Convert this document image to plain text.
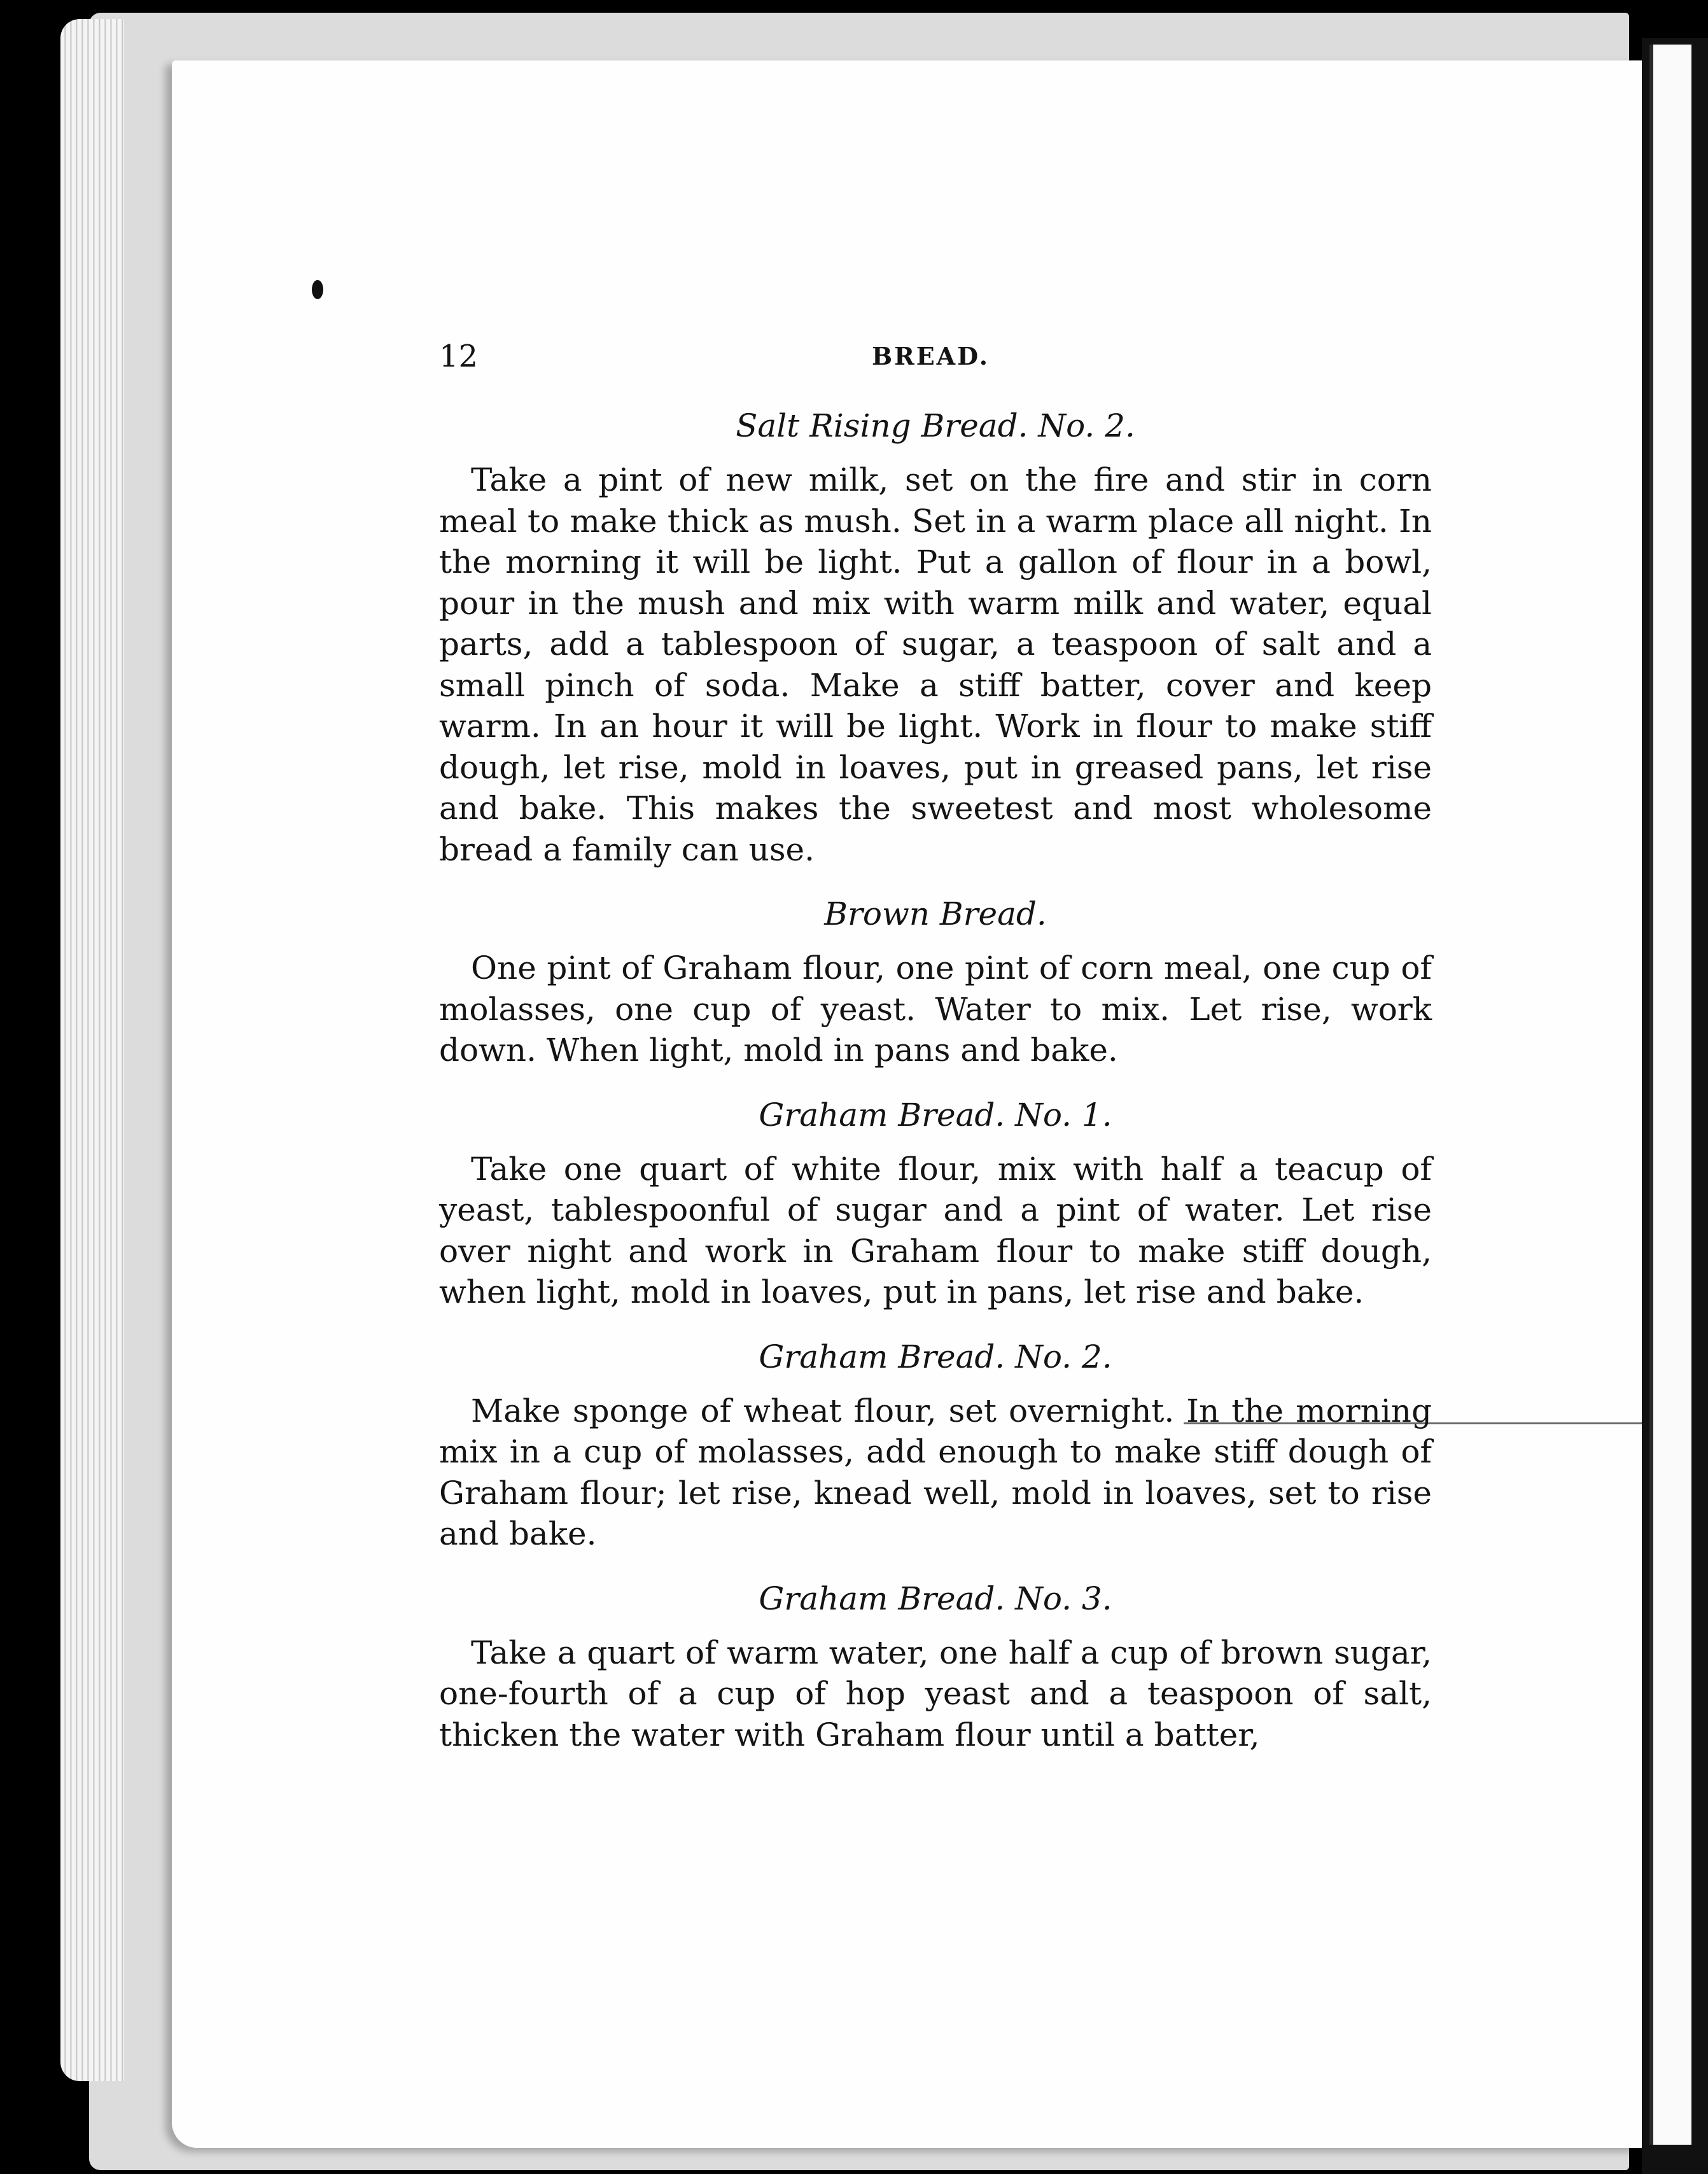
12	BREAD.
Salt Rising Bread. No. 2.

Take a pint of new milk, set on the fire and stir in corn meal to make thick as mush. Set in a warm place all night. In the morning it will be light. Put a gallon of flour in a bowl, pour in the mush and mix with warm milk and water, equal parts, add a tablespoon of sugar, a teaspoon of salt and a small pinch of soda. Make a stiff batter, cover and keep warm. In an hour it will be light. Work in flour to make stiff dough, let rise, mold in loaves, put in greased pans, let rise and bake. This makes the sweetest and most wholesome bread a family can use.

Brown Bread.

One pint of Graham flour, one pint of corn meal, one cup of molasses, one cup of yeast. Water to mix. Let rise, work down. When light, mold in pans and bake.

Graham Bread. No. 1.

Take one quart of white flour, mix with half a teacup of yeast, tablespoonful of sugar and a pint of water. Let rise over night and work in Graham flour to make stiff dough, when light, mold in loaves, put in pans, let rise and bake.

Graham Bread. No. 2.

Make sponge of wheat flour, set overnight. In the morning mix in a cup of molasses, add enough to make stiff dough of Graham flour; let rise, knead well, mold in loaves, set to rise and bake.

Graham Bread. No. 3.

Take a quart of warm water, one half a cup of brown sugar, one-fourth of a cup of hop yeast and a teaspoon of salt, thicken the water with Graham flour until a batter,
